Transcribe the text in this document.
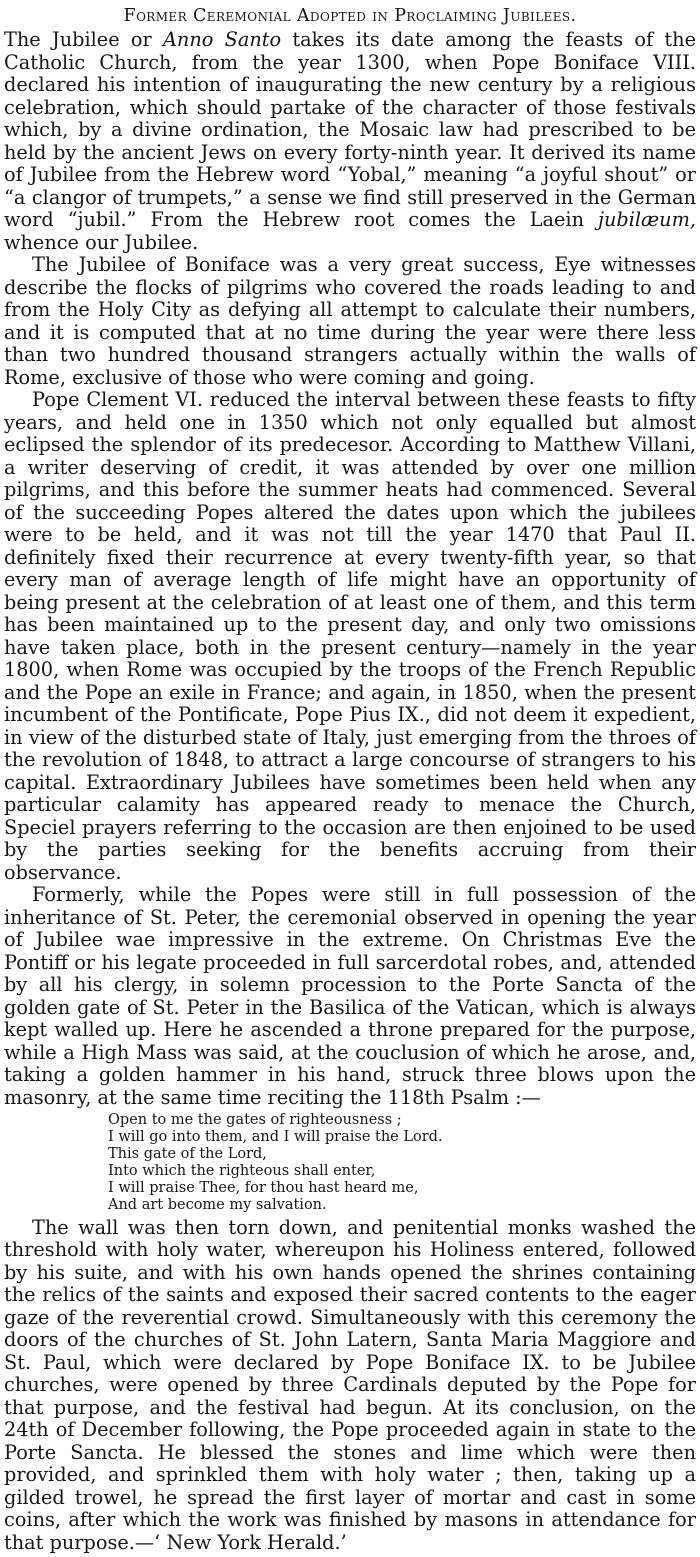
Former Ceremonial Adopted in Proclaiming Jubilees.

The Jubilee or Anno Santo takes its date among the feasts of the Catholic Church, from the year 1300, when Pope Boniface VIII. declared his intention of inaugurating the new century by a religious celebration, which should partake of the character of those festivals which, by a divine ordination, the Mosaic law had prescribed to be held by the ancient Jews on every forty-ninth year. It derived its name of Jubilee from the Hebrew word “Yobal,” meaning “a joyful shout” or “a clangor of trumpets,” a sense we find still preserved in the German word “jubil.” From the Hebrew root comes the Laein jubilæum, whence our Jubilee.

The Jubilee of Boniface was a very great success, Eye witnesses describe the flocks of pilgrims who covered the roads leading to and from the Holy City as defying all attempt to calculate their numbers, and it is computed that at no time during the year were there less than two hundred thousand strangers actually within the walls of Rome, exclusive of those who were coming and going.

Pope Clement VI. reduced the interval between these feasts to fifty years, and held one in 1350 which not only equalled but almost eclipsed the splendor of its predecesor. According to Matthew Villani, a writer deserving of credit, it was attended by over one million pilgrims, and this before the summer heats had commenced. Several of the succeeding Popes altered the dates upon which the jubilees were to be held, and it was not till the year 1470 that Paul II. definitely fixed their recurrence at every twenty-fifth year, so that every man of average length of life might have an opportunity of being present at the celebration of at least one of them, and this term has been maintained up to the present day, and only two omissions have taken place, both in the present century—namely in the year 1800, when Rome was occupied by the troops of the French Republic and the Pope an exile in France; and again, in 1850, when the present incumbent of the Pontificate, Pope Pius IX., did not deem it expedient, in view of the disturbed state of Italy, just emerging from the throes of the revolution of 1848, to attract a large concourse of strangers to his capital. Extraordinary Jubilees have sometimes been held when any particular calamity has appeared ready to menace the Church, Speciel prayers referring to the occasion are then enjoined to be used by the parties seeking for the benefits accruing from their observance.

Formerly, while the Popes were still in full possession of the inheritance of St. Peter, the ceremonial observed in opening the year of Jubilee wae impressive in the extreme. On Christmas Eve the Pontiff or his legate proceeded in full sarcerdotal robes, and, attended by all his clergy, in solemn procession to the Porte Sancta of the golden gate of St. Peter in the Basilica of the Vatican, which is always kept walled up. Here he ascended a throne prepared for the purpose, while a High Mass was said, at the couclusion of which he arose, and, taking a golden hammer in his hand, struck three blows upon the masonry, at the same time reciting the 118th Psalm :—

Open to me the gates of righteousness ;
I will go into them, and I will praise the Lord.
This gate of the Lord,
Into which the righteous shall enter,
I will praise Thee, for thou hast heard me,
And art become my salvation.

The wall was then torn down, and penitential monks washed the threshold with holy water, whereupon his Holiness entered, followed by his suite, and with his own hands opened the shrines containing the relics of the saints and exposed their sacred contents to the eager gaze of the reverential crowd. Simultaneously with this ceremony the doors of the churches of St. John Latern, Santa Maria Maggiore and St. Paul, which were declared by Pope Boniface IX. to be Jubilee churches, were opened by three Cardinals deputed by the Pope for that purpose, and the festival had begun. At its conclusion, on the 24th of December following, the Pope proceeded again in state to the Porte Sancta. He blessed the stones and lime which were then provided, and sprinkled them with holy water ; then, taking up a gilded trowel, he spread the first layer of mortar and cast in some coins, after which the work was finished by masons in attendance for that purpose.—‘ New York Herald.’
